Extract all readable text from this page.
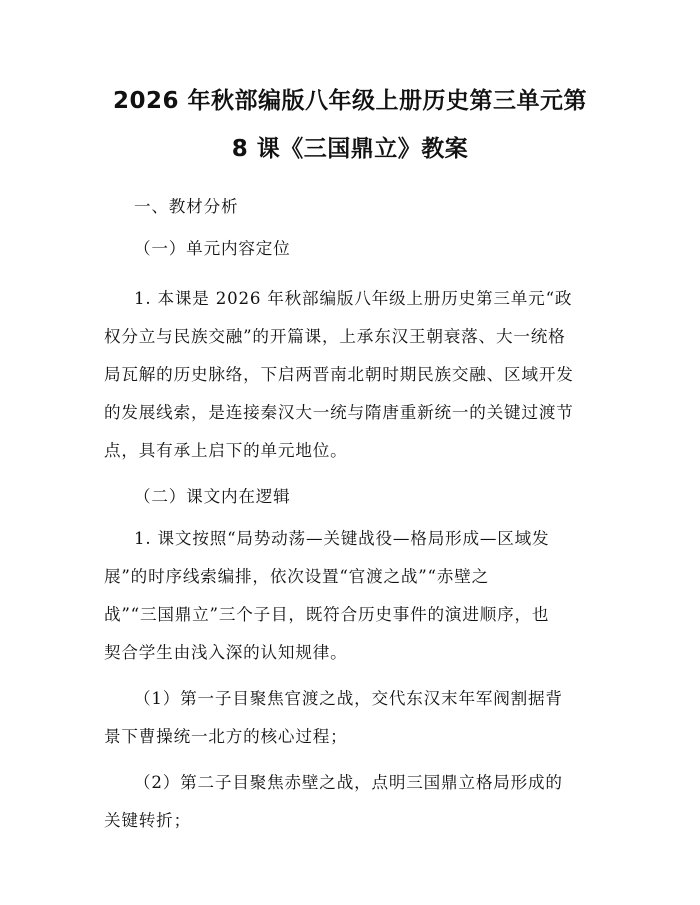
2026 年秋部编版八年级上册历史第三单元第
8 课《三国鼎立》教案
一、教材分析
（一）单元内容定位
1. 本课是 2026 年秋部编版八年级上册历史第三单元“政
权分立与民族交融”的开篇课，上承东汉王朝衰落、大一统格
局瓦解的历史脉络，下启两晋南北朝时期民族交融、区域开发
的发展线索，是连接秦汉大一统与隋唐重新统一的关键过渡节
点，具有承上启下的单元地位。
（二）课文内在逻辑
1. 课文按照“局势动荡—关键战役—格局形成—区域发
展”的时序线索编排，依次设置“官渡之战”“赤壁之
战”“三国鼎立”三个子目，既符合历史事件的演进顺序，也
契合学生由浅入深的认知规律。
（1）第一子目聚焦官渡之战，交代东汉末年军阀割据背
景下曹操统一北方的核心过程；
（2）第二子目聚焦赤壁之战，点明三国鼎立格局形成的
关键转折；
